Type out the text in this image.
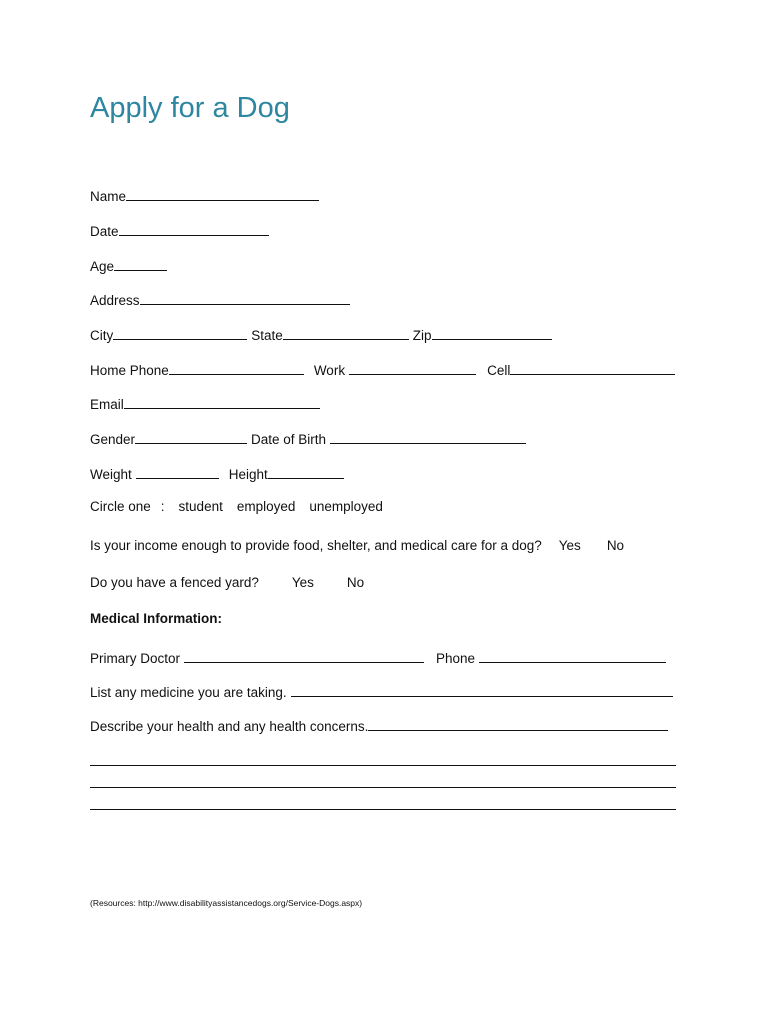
Apply for a Dog
Name
Date
Age
Address
City	State	Zip
Home Phone	Work	Cell
Email
Gender	Date of Birth
Weight	Height
Circle one : student employed unemployed
Is your income enough to provide food, shelter, and medical care for a dog? Yes No
Do you have a fenced yard? Yes No
Medical Information:
Primary Doctor	Phone
List any medicine you are taking.
Describe your health and any health concerns.
(Resources: http://www.disabilityassistancedogs.org/Service-Dogs.aspx)
